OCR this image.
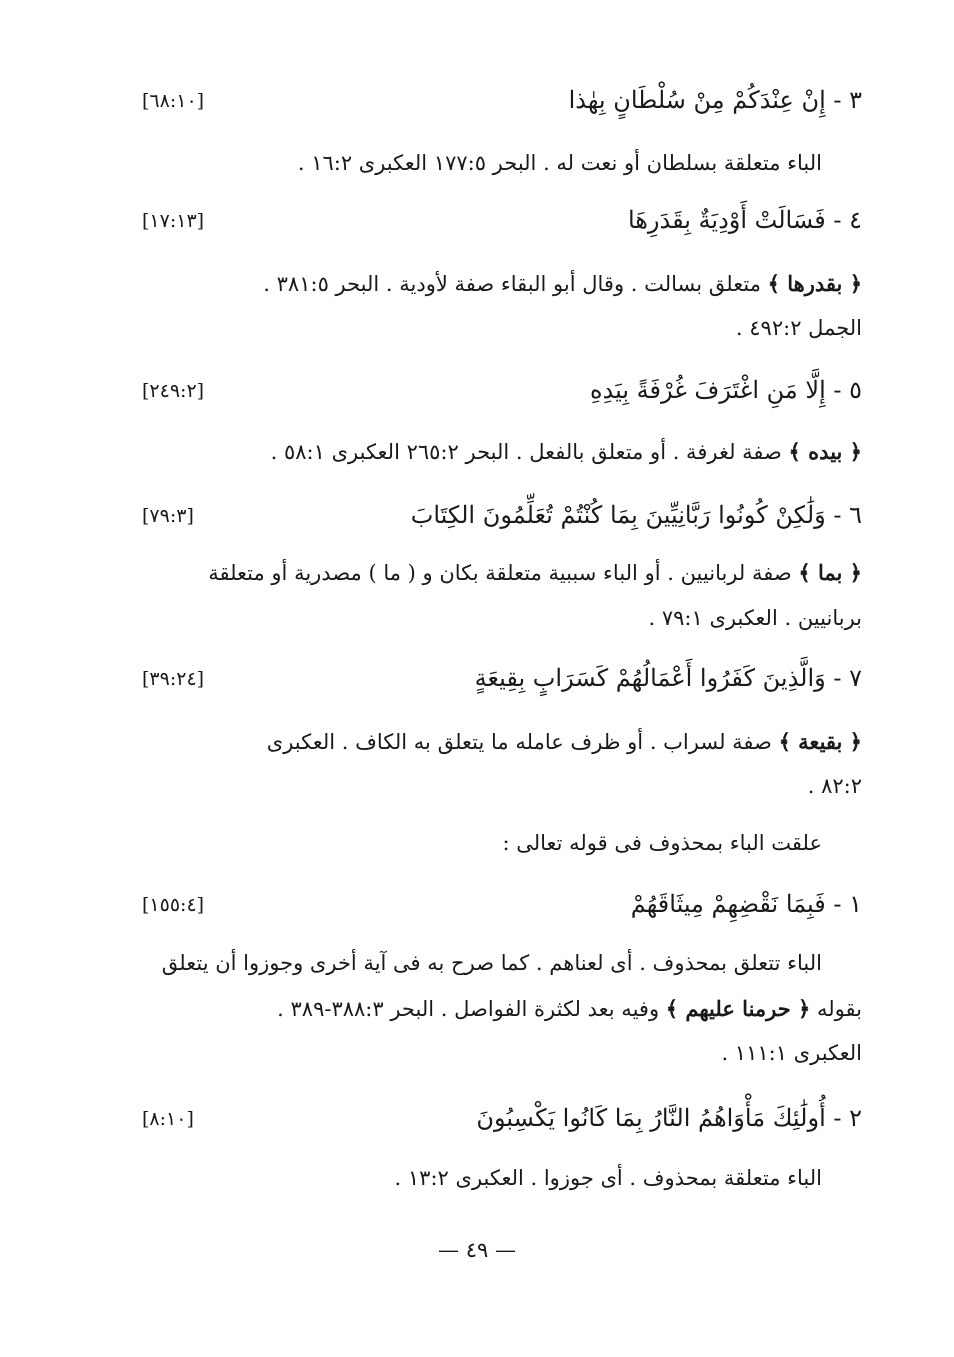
٣ - إِنْ عِنْدَكُمْ مِنْ سُلْطَانٍ بِهٰذا
[٦٨:١٠]
الباء متعلقة بسلطان أو نعت له . البحر ١٧٧:٥ العكبرى ١٦:٢ .
٤ - فَسَالَتْ أَوْدِيَةٌ بِقَدَرِهَا
[١٧:١٣]
﴿ بقدرها ﴾ متعلق بسالت . وقال أبو البقاء صفة لأودية . البحر ٣٨١:٥ .
الجمل ٤٩٢:٢ .
٥ - إِلَّا مَنِ اغْتَرَفَ غُرْفَةً بِيَدِهِ
[٢٤٩:٢]
﴿ بيده ﴾ صفة لغرفة . أو متعلق بالفعل . البحر ٢٦٥:٢ العكبرى ٥٨:١ .
٦ - وَلَٰكِنْ كُونُوا رَبَّانِيِّينَ بِمَا كُنْتُمْ تُعَلِّمُونَ الكِتَابَ
[٧٩:٣]
﴿ بما ﴾ صفة لربانيين . أو الباء سببية متعلقة بكان و ( ما ) مصدرية أو متعلقة
بربانيين . العكبرى ٧٩:١ .
٧ - وَالَّذِينَ كَفَرُوا أَعْمَالُهُمْ كَسَرَابٍ بِقِيعَةٍ
[٣٩:٢٤]
﴿ بقيعة ﴾ صفة لسراب . أو ظرف عامله ما يتعلق به الكاف . العكبرى
٨٢:٢ .
علقت الباء بمحذوف فى قوله تعالى :
١ - فَبِمَا نَقْضِهِمْ مِيثَاقَهُمْ
[١٥٥:٤]
الباء تتعلق بمحذوف . أى لعناهم . كما صرح به فى آية أخرى وجوزوا أن يتعلق
بقوله ﴿ حرمنا عليهم ﴾ وفيه بعد لكثرة الفواصل . البحر ٣٨٨:٣-٣٨٩ .
العكبرى ١١١:١ .
٢ - أُولَٰئِكَ مَأْوَاهُمُ النَّارُ بِمَا كَانُوا يَكْسِبُونَ
[٨:١٠]
الباء متعلقة بمحذوف . أى جوزوا . العكبرى ١٣:٢ .
— ٤٩ —
